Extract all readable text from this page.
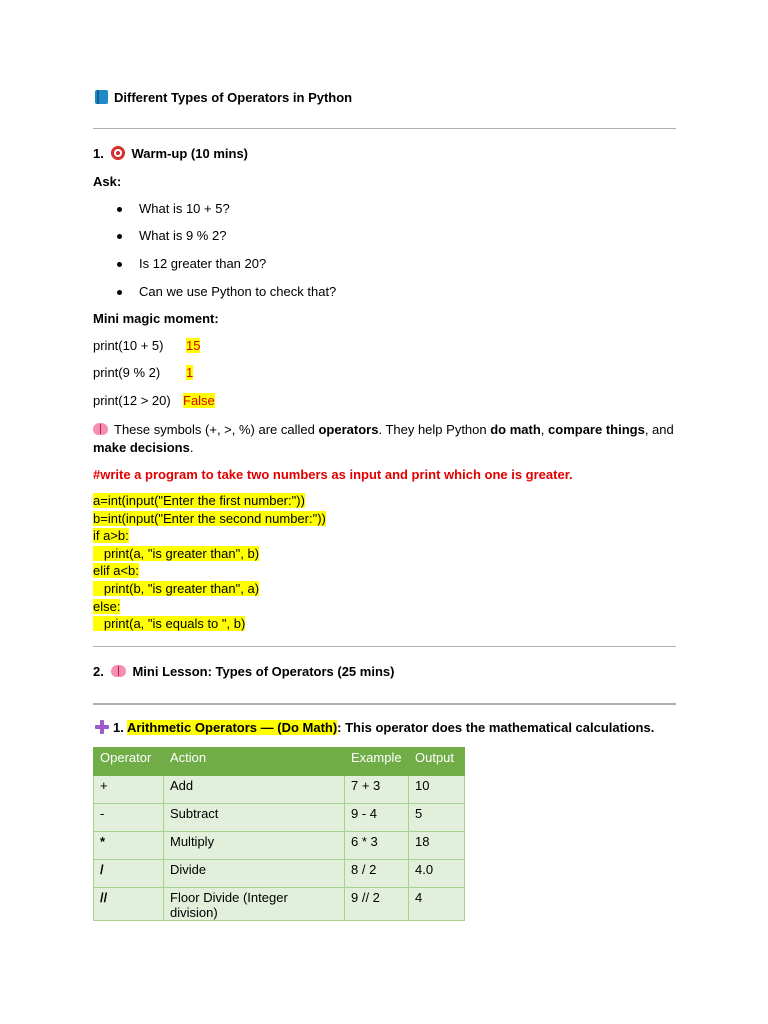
Different Types of Operators in Python
1. Warm-up (10 mins)
Ask:
What is 10 + 5?
What is 9 % 2?
Is 12 greater than 20?
Can we use Python to check that?
Mini magic moment:
print(10 + 5) 15
print(9 % 2) 1
print(12 > 20) False
These symbols (+, >, %) are called operators. They help Python do math, compare things, and
make decisions.
#write a program to take two numbers as input and print which one is greater.
a=int(input("Enter the first number:"))
b=int(input("Enter the second number:"))
if a>b:
print(a, "is greater than", b)
elif a<b:
print(b, "is greater than", a)
else:
print(a, "is equals to ", b)
2. Mini Lesson: Types of Operators (25 mins)
1. Arithmetic Operators — (Do Math): This operator does the mathematical calculations.
Operator	Action	Example	Output
+	Add	7 + 3	10
-	Subtract	9 - 4	5
*	Multiply	6 * 3	18
/	Divide	8 / 2	4.0
//	Floor Divide (Integer division)	9 // 2	4
